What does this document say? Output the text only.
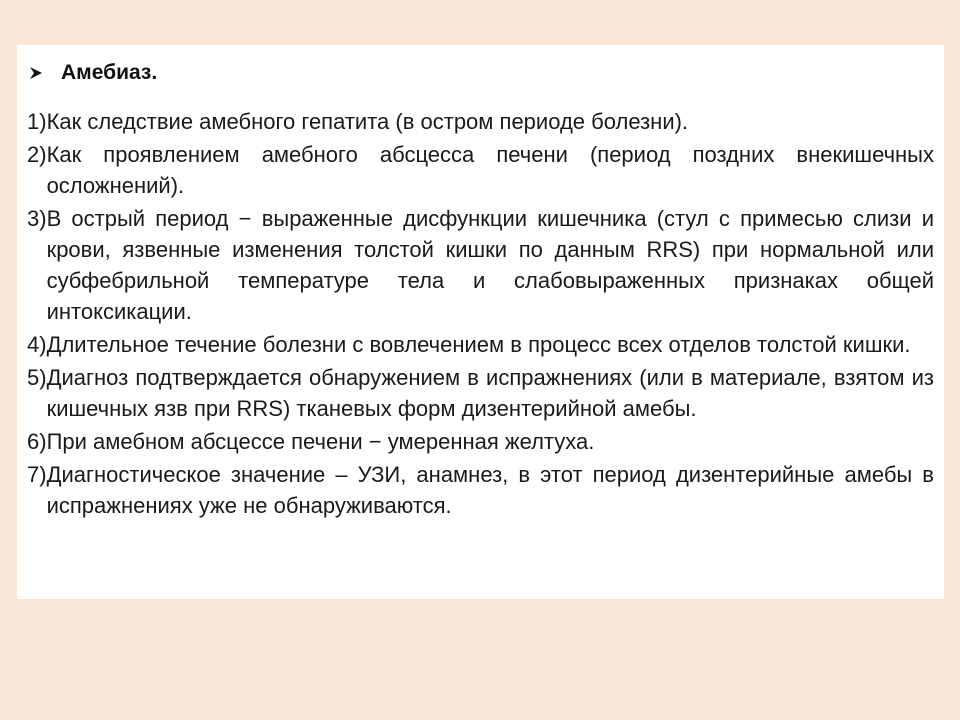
Амебиаз.
1) Как следствие амебного гепатита (в остром периоде болезни).
2) Как проявлением амебного абсцесса печени (период поздних внекишечных осложнений).
3) В острый период − выраженные дисфункции кишечника (стул с примесью слизи и крови, язвенные изменения толстой кишки по данным RRS) при нормальной или субфебрильной температуре тела и слабовыраженных признаках общей интоксикации.
4) Длительное течение болезни с вовлечением в процесс всех отделов толстой кишки.
5) Диагноз подтверждается обнаружением в испражнениях (или в материале, взятом из кишечных язв при RRS) тканевых форм дизентерийной амебы.
6) При амебном абсцессе печени − умеренная желтуха.
7) Диагностическое значение – УЗИ, анамнез, в этот период дизентерийные амебы в испражнениях уже не обнаруживаются.
